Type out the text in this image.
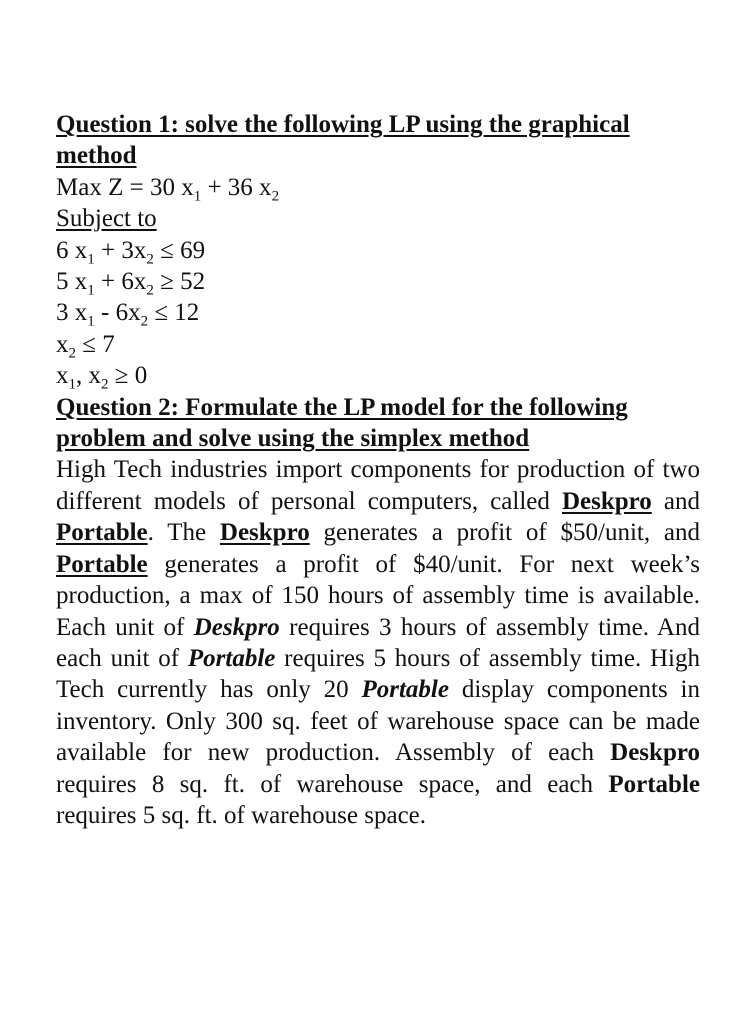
Question 1: solve the following LP using the graphical method

Max Z = 30 $x_1 + 36$ $x_2$

Subject to

6 $x_1 + 3x_2 \le 69$

5 $x_1 + 6x_2 \ge 52$

3 $x_1 - 6x_2 \le 12$

$x_2 \le 7$

$x_1$, $x_2 \ge 0$

Question 2: Formulate the LP model for the following problem and solve using the simplex method

High Tech industries import components for production of two different models of personal computers, called Deskpro and Portable. The Deskpro generates a profit of $50/unit, and Portable generates a profit of $40/unit. For next week’s production, a max of 150 hours of assembly time is available. Each unit of Deskpro requires 3 hours of assembly time. And each unit of Portable requires 5 hours of assembly time. High Tech currently has only 20 Portable display components in inventory. Only 300 sq. feet of warehouse space can be made available for new production. Assembly of each Deskpro requires 8 sq. ft. of warehouse space, and each Portable requires 5 sq. ft. of warehouse space.
